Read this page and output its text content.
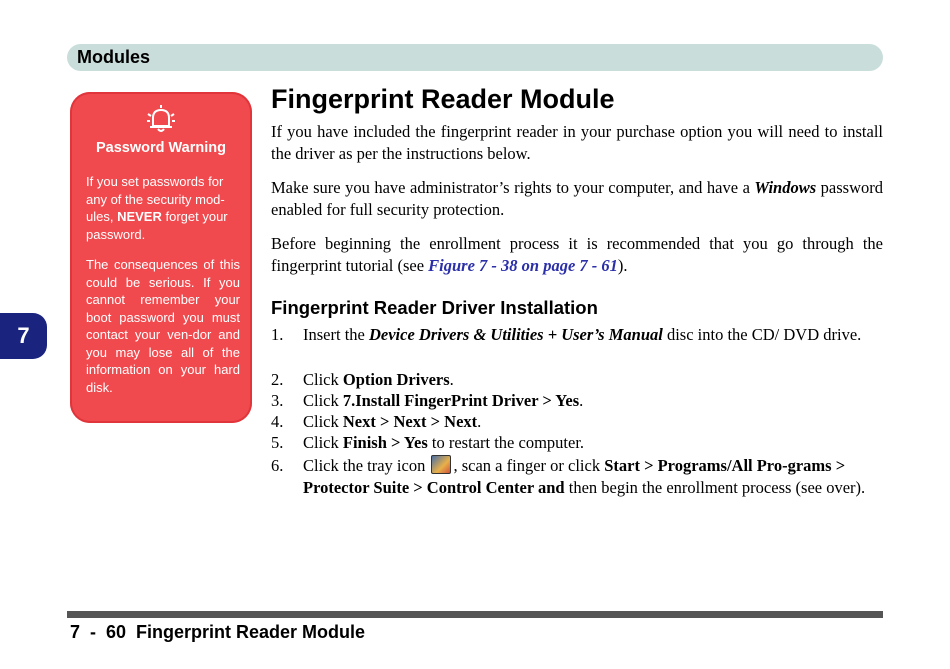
Modules
7
Password Warning
If you set passwords for any of the security mod-ules, NEVER forget your password.
The consequences of this could be serious. If you cannot remember your boot password you must contact your ven-dor and you may lose all of the information on your hard disk.
Fingerprint Reader Module

If you have included the fingerprint reader in your purchase option you will need to install the driver as per the instructions below.

Make sure you have administrator’s rights to your computer, and have a Windows password enabled for full security protection.

Before beginning the enrollment process it is recommended that you go through the fingerprint tutorial (see Figure 7 - 38 on page 7 - 61).

Fingerprint Reader Driver Installation
1. Insert the Device Drivers & Utilities + User’s Manual disc into the CD/ DVD drive.
2. Click Option Drivers.
3. Click 7.Install FingerPrint Driver > Yes.
4. Click Next > Next > Next.
5. Click Finish > Yes to restart the computer.
6. Click the tray icon , scan a finger or click Start > Programs/All Pro-grams > Protector Suite > Control Center and then begin the enrollment process (see over).
7  -  60  Fingerprint Reader Module
